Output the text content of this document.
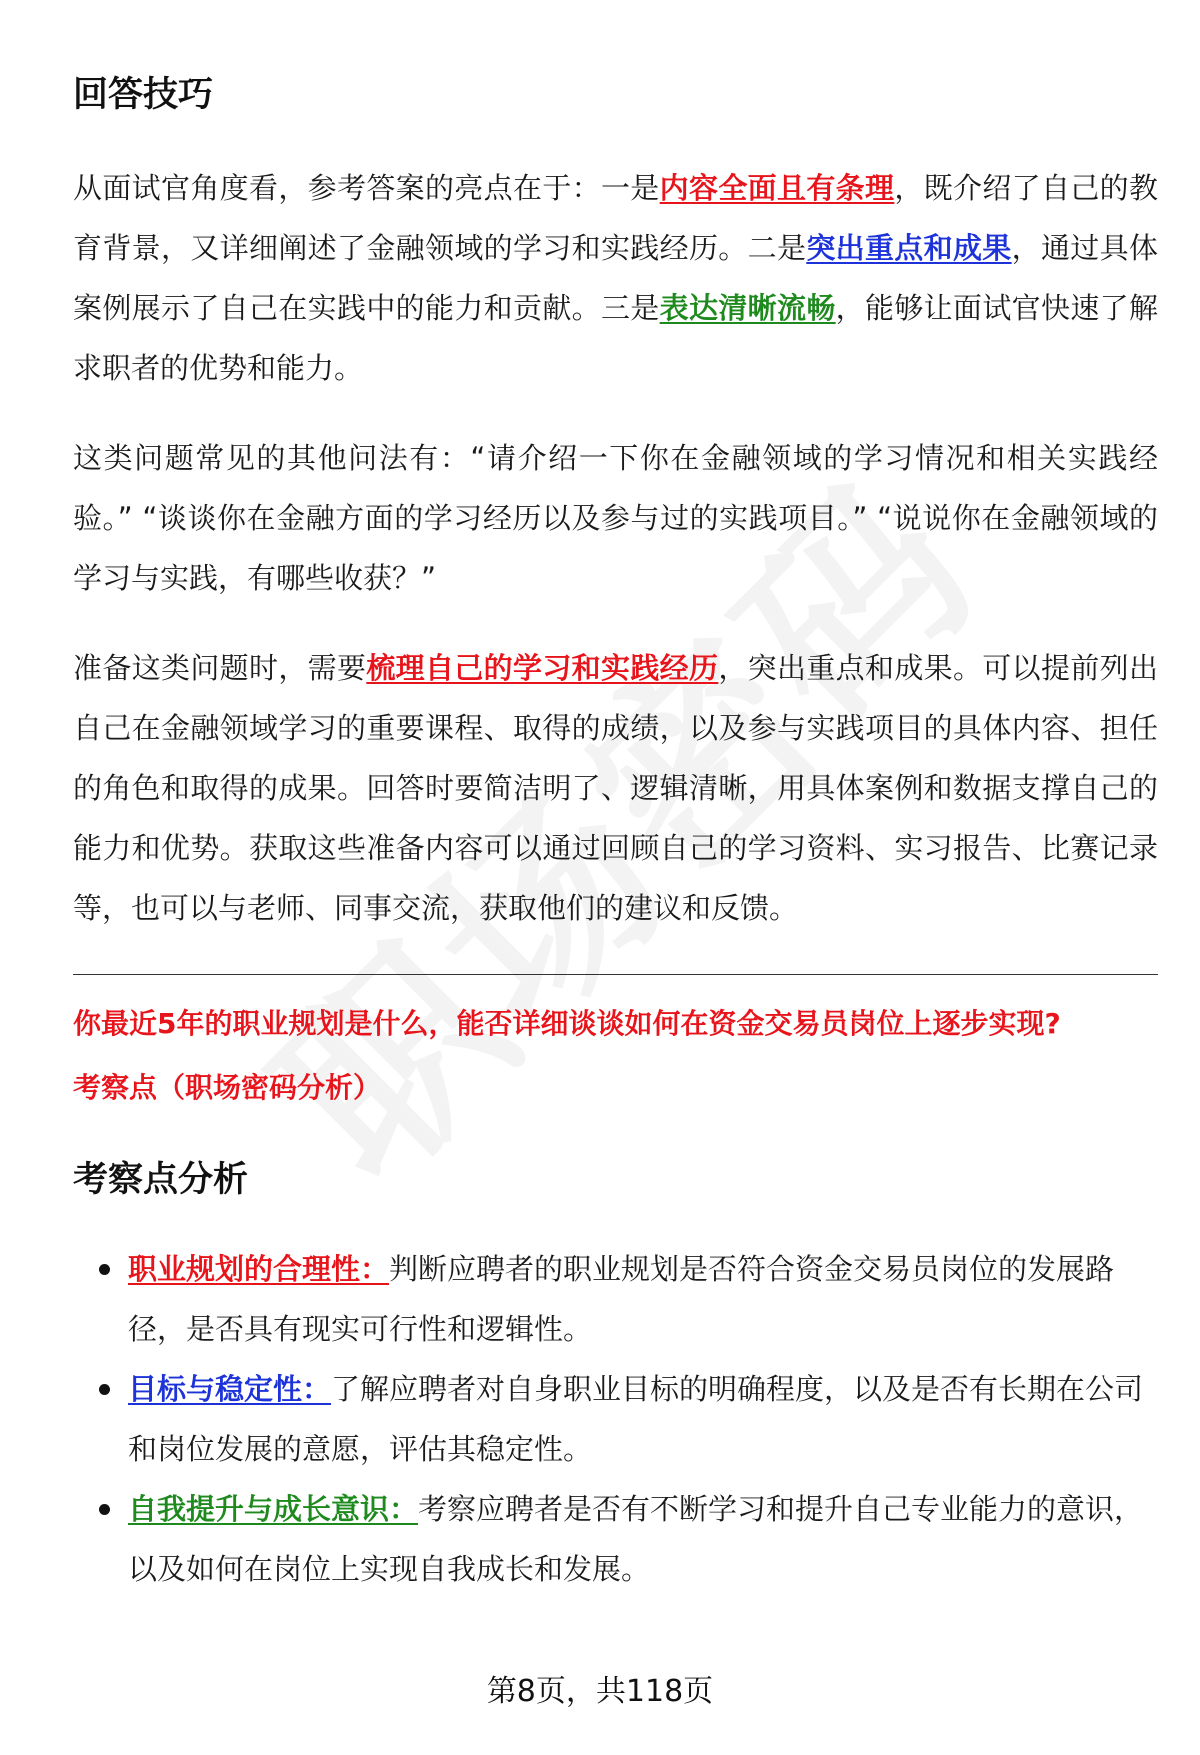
回答技巧

从面试官角度看，参考答案的亮点在于：一是内容全面且有条理，既介绍了自己的教育背景，又详细阐述了金融领域的学习和实践经历。二是突出重点和成果，通过具体案例展示了自己在实践中的能力和贡献。三是表达清晰流畅，能够让面试官快速了解求职者的优势和能力。

这类问题常见的其他问法有：“请介绍一下你在金融领域的学习情况和相关实践经验。” “谈谈你在金融方面的学习经历以及参与过的实践项目。” “说说你在金融领域的学习与实践，有哪些收获？”

准备这类问题时，需要梳理自己的学习和实践经历，突出重点和成果。可以提前列出自己在金融领域学习的重要课程、取得的成绩，以及参与实践项目的具体内容、担任的角色和取得的成果。回答时要简洁明了、逻辑清晰，用具体案例和数据支撑自己的能力和优势。获取这些准备内容可以通过回顾自己的学习资料、实习报告、比赛记录等，也可以与老师、同事交流，获取他们的建议和反馈。

你最近5年的职业规划是什么，能否详细谈谈如何在资金交易员岗位上逐步实现?

考察点（职场密码分析）

考察点分析
职业规划的合理性：判断应聘者的职业规划是否符合资金交易员岗位的发展路径，是否具有现实可行性和逻辑性。
目标与稳定性：了解应聘者对自身职业目标的明确程度，以及是否有长期在公司和岗位发展的意愿，评估其稳定性。
自我提升与成长意识：考察应聘者是否有不断学习和提升自己专业能力的意识，以及如何在岗位上实现自我成长和发展。
第8页，共118页
